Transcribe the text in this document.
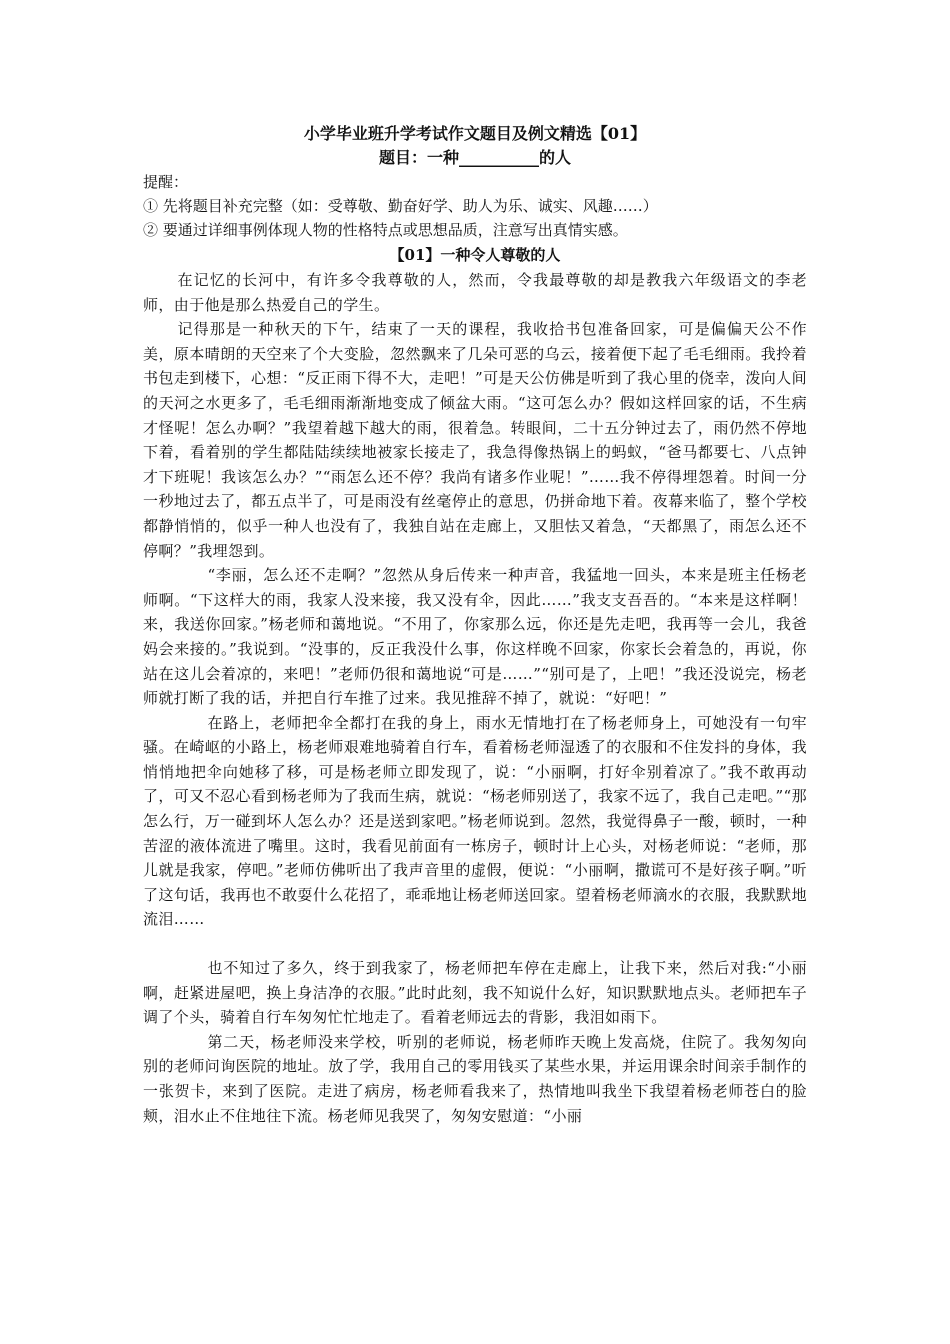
小学毕业班升学考试作文题目及例文精选【01】

题目：一种__________的人

提醒：

① 先将题目补充完整（如：受尊敬、勤奋好学、助人为乐、诚实、风趣……）

② 要通过详细事例体现人物的性格特点或思想品质，注意写出真情实感。

【01】一种令人尊敬的人

在记忆的长河中，有许多令我尊敬的人，然而，令我最尊敬的却是教我六年级语文的李老师，由于他是那么热爱自己的学生。

记得那是一种秋天的下午，结束了一天的课程，我收拾书包准备回家，可是偏偏天公不作美，原本晴朗的天空来了个大变脸，忽然飘来了几朵可恶的乌云，接着便下起了毛毛细雨。我拎着书包走到楼下，心想：“反正雨下得不大，走吧！”可是天公仿佛是听到了我心里的侥幸，泼向人间的天河之水更多了，毛毛细雨渐渐地变成了倾盆大雨。“这可怎么办？假如这样回家的话，不生病才怪呢！怎么办啊？”我望着越下越大的雨，很着急。转眼间，二十五分钟过去了，雨仍然不停地下着，看着别的学生都陆陆续续地被家长接走了，我急得像热锅上的蚂蚁，“爸马都要七、八点钟才下班呢！我该怎么办？”“雨怎么还不停？我尚有诸多作业呢！”……我不停得埋怨着。时间一分一秒地过去了，都五点半了，可是雨没有丝毫停止的意思，仍拼命地下着。夜幕来临了，整个学校都静悄悄的，似乎一种人也没有了，我独自站在走廊上，又胆怯又着急，“天都黑了，雨怎么还不停啊？”我埋怨到。

“李丽，怎么还不走啊？”忽然从身后传来一种声音，我猛地一回头，本来是班主任杨老师啊。“下这样大的雨，我家人没来接，我又没有伞，因此……”我支支吾吾的。“本来是这样啊！来，我送你回家。”杨老师和蔼地说。“不用了，你家那么远，你还是先走吧，我再等一会儿，我爸妈会来接的。”我说到。“没事的，反正我没什么事，你这样晚不回家，你家长会着急的，再说，你站在这儿会着凉的，来吧！”老师仍很和蔼地说“可是……”“别可是了，上吧！”我还没说完，杨老师就打断了我的话，并把自行车推了过来。我见推辞不掉了，就说：“好吧！”

在路上，老师把伞全都打在我的身上，雨水无情地打在了杨老师身上，可她没有一句牢骚。在崎岖的小路上，杨老师艰难地骑着自行车，看着杨老师湿透了的衣服和不住发抖的身体，我悄悄地把伞向她移了移，可是杨老师立即发现了，说：“小丽啊，打好伞别着凉了。”我不敢再动了，可又不忍心看到杨老师为了我而生病，就说：“杨老师别送了，我家不远了，我自己走吧。”“那怎么行，万一碰到坏人怎么办？还是送到家吧。”杨老师说到。忽然，我觉得鼻子一酸，顿时，一种苦涩的液体流进了嘴里。这时，我看见前面有一栋房子，顿时计上心头，对杨老师说：“老师，那儿就是我家，停吧。”老师仿佛听出了我声音里的虚假，便说：“小丽啊，撒谎可不是好孩子啊。”听了这句话，我再也不敢耍什么花招了，乖乖地让杨老师送回家。望着杨老师滴水的衣服，我默默地流泪……

也不知过了多久，终于到我家了，杨老师把车停在走廊上，让我下来，然后对我:“小丽啊，赶紧进屋吧，换上身洁净的衣服。”此时此刻，我不知说什么好，知识默默地点头。老师把车子调了个头，骑着自行车匆匆忙忙地走了。看着老师远去的背影，我泪如雨下。

第二天，杨老师没来学校，听别的老师说，杨老师昨天晚上发高烧，住院了。我匆匆向别的老师问询医院的地址。放了学，我用自己的零用钱买了某些水果，并运用课余时间亲手制作的一张贺卡，来到了医院。走进了病房，杨老师看我来了，热情地叫我坐下我望着杨老师苍白的脸颊，泪水止不住地往下流。杨老师见我哭了，匆匆安慰道：“小丽
